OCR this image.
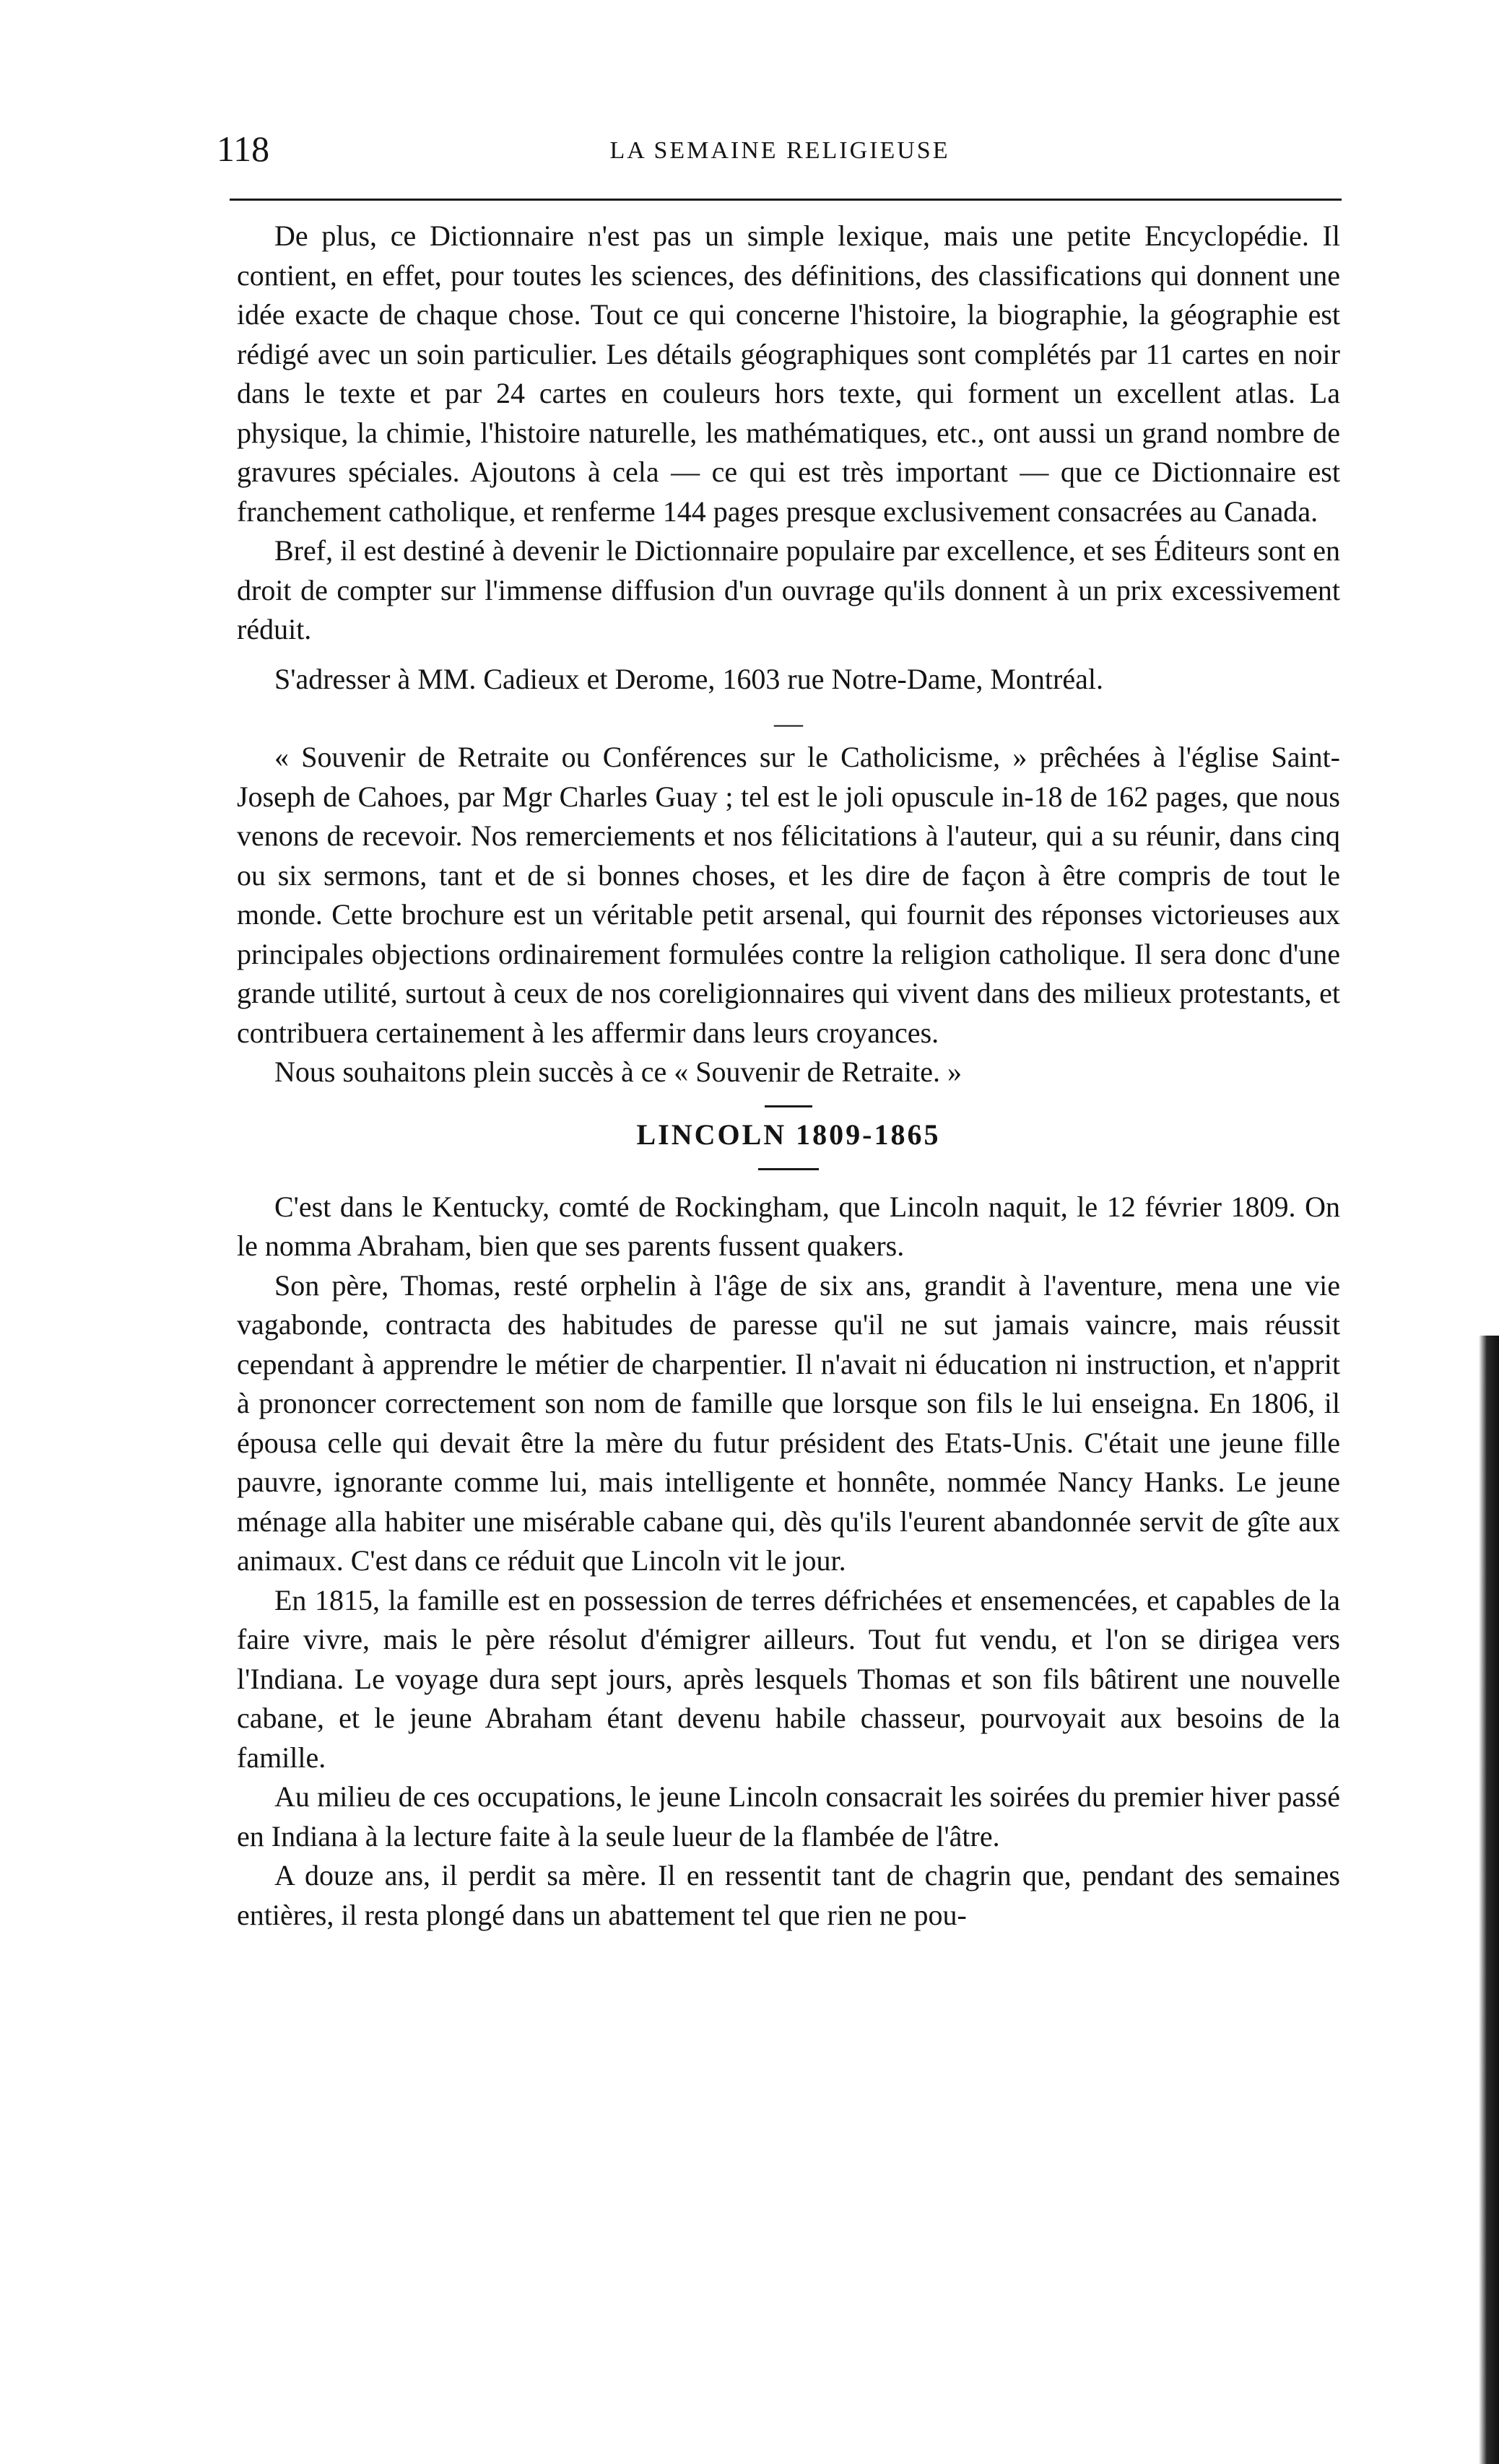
118	LA SEMAINE RELIGIEUSE

De plus, ce Dictionnaire n'est pas un simple lexique, mais une petite Encyclopédie. Il contient, en effet, pour toutes les sciences, des définitions, des classifications qui donnent une idée exacte de chaque chose. Tout ce qui concerne l'histoire, la biographie, la géographie est rédigé avec un soin particulier. Les détails géographiques sont complétés par 11 cartes en noir dans le texte et par 24 cartes en couleurs hors texte, qui forment un excellent atlas. La physique, la chimie, l'histoire naturelle, les mathématiques, etc., ont aussi un grand nombre de gravures spéciales. Ajoutons à cela — ce qui est très important — que ce Dictionnaire est franchement catholique, et renferme 144 pages presque exclusivement consacrées au Canada.

Bref, il est destiné à devenir le Dictionnaire populaire par excellence, et ses Éditeurs sont en droit de compter sur l'immense diffusion d'un ouvrage qu'ils donnent à un prix excessivement réduit.

S'adresser à MM. Cadieux et Derome, 1603 rue Notre-Dame, Montréal.

—

« Souvenir de Retraite ou Conférences sur le Catholicisme, » prêchées à l'église Saint-Joseph de Cahoes, par Mgr Charles Guay ; tel est le joli opuscule in-18 de 162 pages, que nous venons de recevoir. Nos remerciements et nos félicitations à l'auteur, qui a su réunir, dans cinq ou six sermons, tant et de si bonnes choses, et les dire de façon à être compris de tout le monde. Cette brochure est un véritable petit arsenal, qui fournit des réponses victorieuses aux principales objections ordinairement formulées contre la religion catholique. Il sera donc d'une grande utilité, surtout à ceux de nos coreligionnaires qui vivent dans des milieux protestants, et contribuera certainement à les affermir dans leurs croyances.

Nous souhaitons plein succès à ce « Souvenir de Retraite. »

LINCOLN 1809-1865

C'est dans le Kentucky, comté de Rockingham, que Lincoln naquit, le 12 février 1809. On le nomma Abraham, bien que ses parents fussent quakers.

Son père, Thomas, resté orphelin à l'âge de six ans, grandit à l'aventure, mena une vie vagabonde, contracta des habitudes de paresse qu'il ne sut jamais vaincre, mais réussit cependant à apprendre le métier de charpentier. Il n'avait ni éducation ni instruction, et n'apprit à prononcer correctement son nom de famille que lorsque son fils le lui enseigna. En 1806, il épousa celle qui devait être la mère du futur président des Etats-Unis. C'était une jeune fille pauvre, ignorante comme lui, mais intelligente et honnête, nommée Nancy Hanks. Le jeune ménage alla habiter une misérable cabane qui, dès qu'ils l'eurent abandonnée servit de gîte aux animaux. C'est dans ce réduit que Lincoln vit le jour.

En 1815, la famille est en possession de terres défrichées et ensemencées, et capables de la faire vivre, mais le père résolut d'émigrer ailleurs. Tout fut vendu, et l'on se dirigea vers l'Indiana. Le voyage dura sept jours, après lesquels Thomas et son fils bâtirent une nouvelle cabane, et le jeune Abraham étant devenu habile chasseur, pourvoyait aux besoins de la famille.

Au milieu de ces occupations, le jeune Lincoln consacrait les soirées du premier hiver passé en Indiana à la lecture faite à la seule lueur de la flambée de l'âtre.

A douze ans, il perdit sa mère. Il en ressentit tant de chagrin que, pendant des semaines entières, il resta plongé dans un abattement tel que rien ne pou-
